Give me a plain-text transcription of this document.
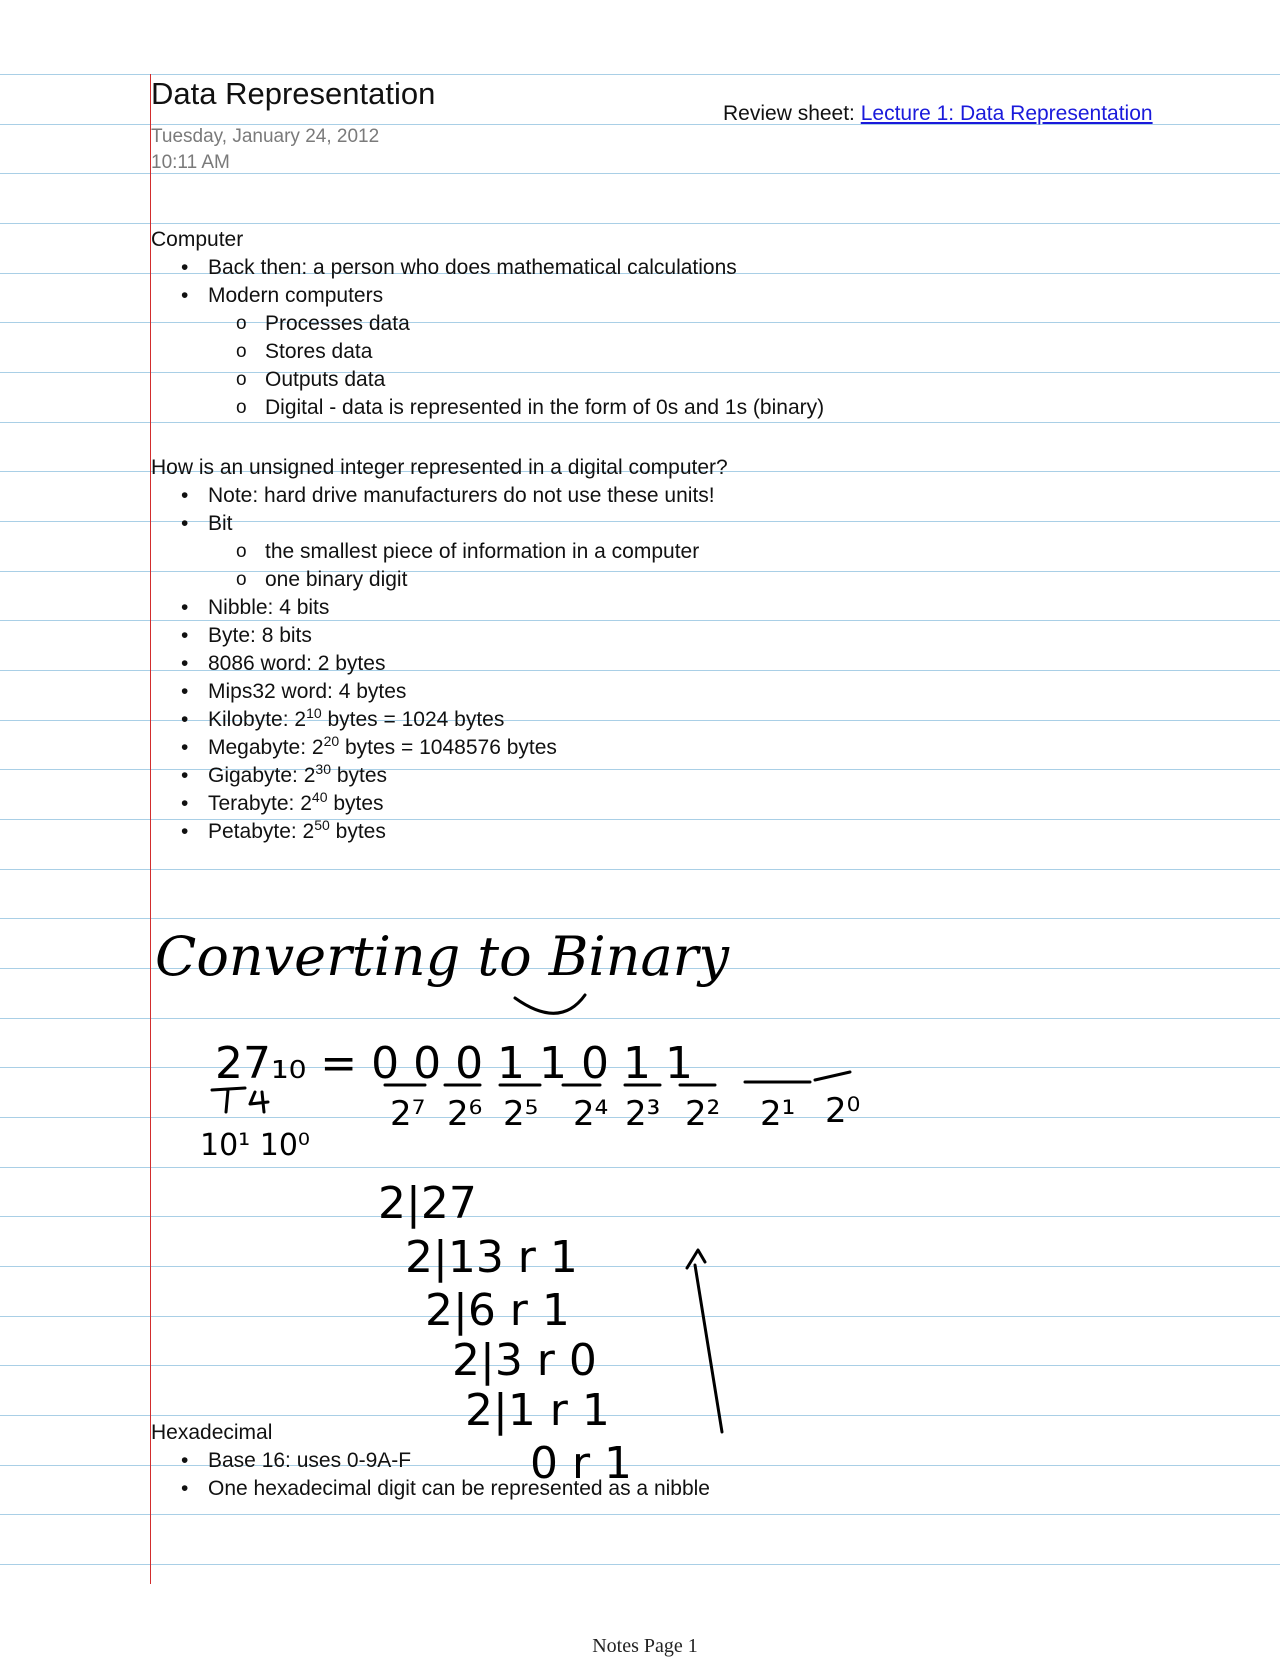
Data Representation
Tuesday, January 24, 2012
10:11 AM
Review sheet: Lecture 1: Data Representation

Computer

• Back then: a person who does mathematical calculations
• Modern computers
o Processes data
o Stores data
o Outputs data
o Digital - data is represented in the form of 0s and 1s (binary)

How is an unsigned integer represented in a digital computer?

• Note: hard drive manufacturers do not use these units!
• Bit
o the smallest piece of information in a computer
o one binary digit
• Nibble: 4 bits
• Byte: 8 bits
• 8086 word: 2 bytes
• Mips32 word: 4 bytes
• Kilobyte: $2^{10}$ bytes = 1024 bytes
• Megabyte: $2^{20}$ bytes = 1048576 bytes
• Gigabyte: $2^{30}$ bytes
• Terabyte: $2^{40}$ bytes
• Petabyte: $2^{50}$ bytes
Converting to Binary
27₁₀ = 0 0 0 1 1 0 1 1
2⁷ 2⁶ 2⁵ 2⁴ 2³ 2² 2¹ 2⁰
10¹ 10⁰
2|27
2|13 r 1
2|6 r 1
2|3 r 0
2|1 r 1
0 r 1

Hexadecimal

• Base 16: uses 0-9A-F
• One hexadecimal digit can be represented as a nibble
Notes Page 1
